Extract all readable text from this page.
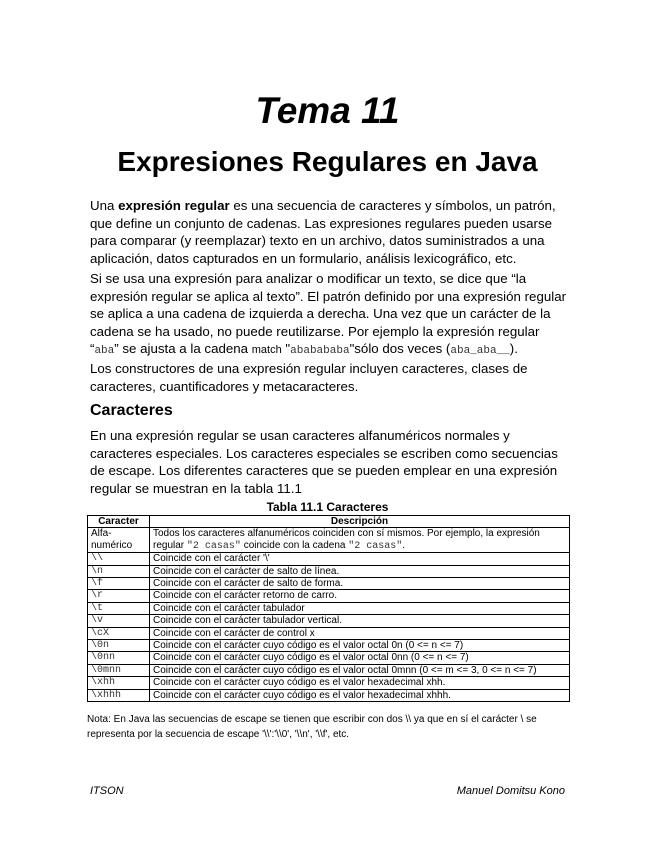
Tema 11
Expresiones Regulares en Java
Una expresión regular es una secuencia de caracteres y símbolos, un patrón, que define un conjunto de cadenas. Las expresiones regulares pueden usarse para comparar (y reemplazar) texto en un archivo, datos suministrados a una aplicación, datos capturados en un formulario, análisis lexicográfico, etc.
Si se usa una expresión para analizar o modificar un texto, se dice que “la expresión regular se aplica al texto”. El patrón definido por una expresión regular se aplica a una cadena de izquierda a derecha. Una vez que un carácter de la cadena se ha usado, no puede reutilizarse. Por ejemplo la expresión regular “aba” se ajusta a la cadena match "ababababa"sólo dos veces (aba_aba__).
Los constructores de una expresión regular incluyen caracteres, clases de caracteres, cuantificadores y metacaracteres.
Caracteres
En una expresión regular se usan caracteres alfanuméricos normales y caracteres especiales. Los caracteres especiales se escriben como secuencias de escape. Los diferentes caracteres que se pueden emplear en una expresión regular se muestran en la tabla 11.1
Tabla 11.1 Caracteres
Caracter	Descripción
Alfa- numérico	Todos los caracteres alfanuméricos coinciden con sí mismos. Por ejemplo, la expresión regular "2 casas" coincide con la cadena "2 casas".
\\	Coincide con el carácter '\'
\n	Coincide con el carácter de salto de línea.
\f	Coincide con el carácter de salto de forma.
\r	Coincide con el carácter retorno de carro.
\t	Coincide con el carácter tabulador
\v	Coincide con el carácter tabulador vertical.
\cX	Coincide con el carácter de control x
\0n	Coincide con el carácter cuyo código es el valor octal 0n (0 <= n <= 7)
\0nn	Coincide con el carácter cuyo código es el valor octal 0nn (0 <= n <= 7)
\0mnn	Coincide con el carácter cuyo código es el valor octal 0mnn (0 <= m <= 3, 0 <= n <= 7)
\xhh	Coincide con el carácter cuyo código es el valor hexadecimal xhh.
\xhhh	Coincide con el carácter cuyo código es el valor hexadecimal xhhh.
Nota: En Java las secuencias de escape se tienen que escribir con dos \\ ya que en sí el carácter \ se representa por la secuencia de escape '\\':'\\0', '\\n', '\\f', etc.
ITSON	Manuel Domitsu Kono
